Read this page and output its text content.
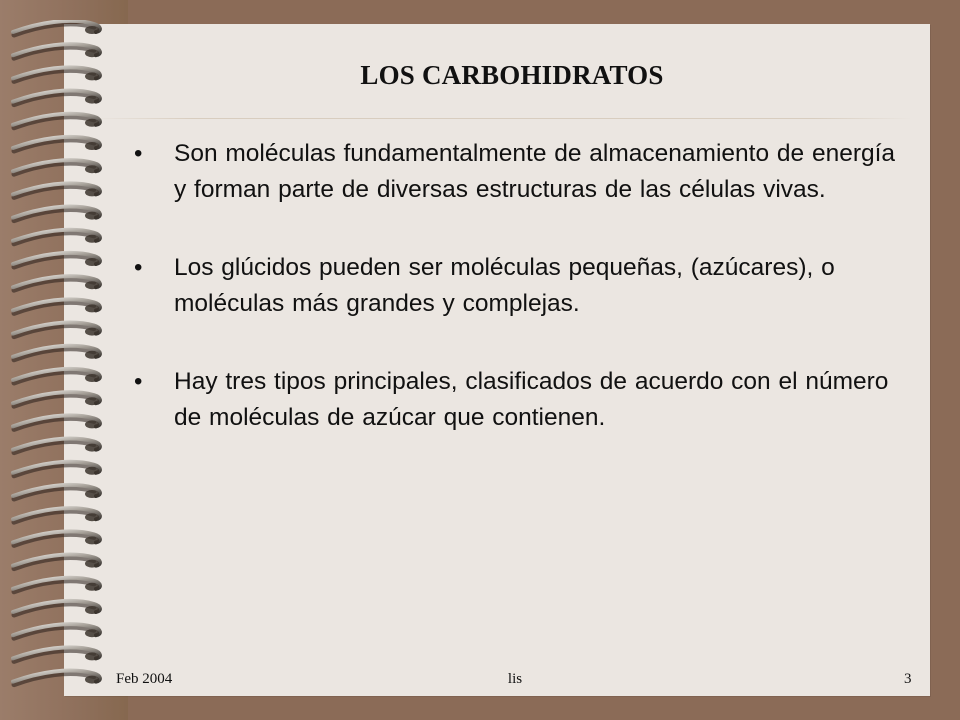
LOS CARBOHIDRATOS
• Son moléculas fundamentalmente de almacenamiento de energía y forman parte de diversas estructuras de las células vivas.
• Los glúcidos pueden ser moléculas pequeñas, (azúcares), o moléculas más grandes y complejas.
• Hay tres tipos principales, clasificados de acuerdo con el número de moléculas de azúcar que contienen.
Feb 2004	lis	3
